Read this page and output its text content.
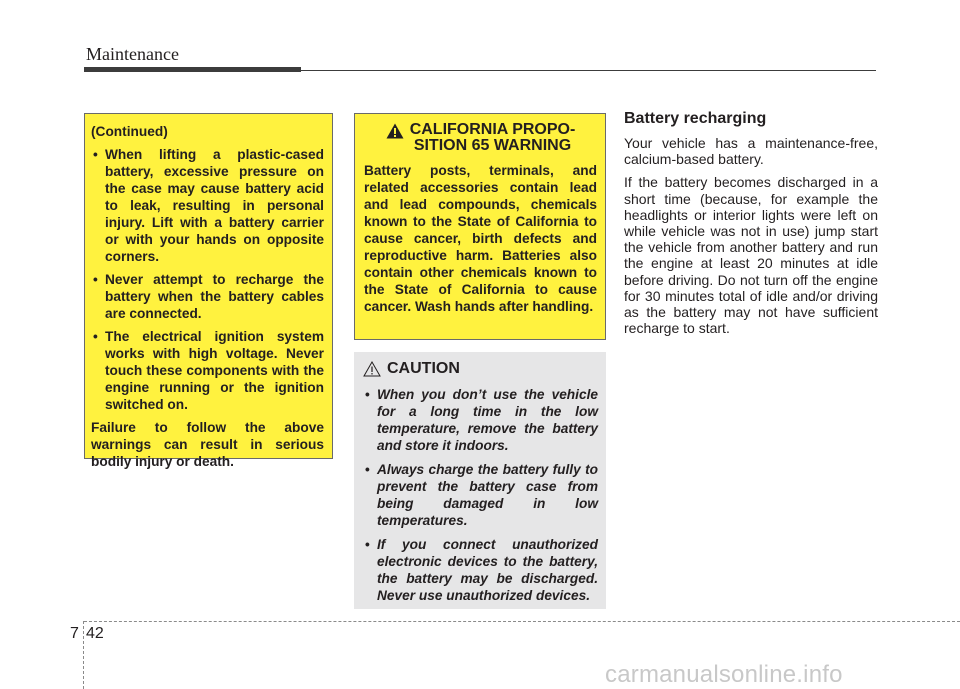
Maintenance

(Continued)

• When lifting a plastic-cased battery, excessive pressure on the case may cause battery acid to leak, resulting in personal injury. Lift with a battery carrier or with your hands on opposite corners.
• Never attempt to recharge the battery when the battery cables are connected.
• The electrical ignition system works with high voltage. Never touch these components with the engine running or the ignition switched on.

Failure to follow the above warnings can result in serious bodily injury or death.

CALIFORNIA PROPO-
SITION 65 WARNING
Battery posts, terminals, and related accessories contain lead and lead compounds, chemicals known to the State of California to cause cancer, birth defects and reproductive harm. Batteries also contain other chemicals known to the State of California to cause cancer. Wash hands after handling.
CAUTION
• When you don’t use the vehicle for a long time in the low temperature, remove the battery and store it indoors.
• Always charge the battery fully to prevent the battery case from being damaged in low temperatures.
• If you connect unauthorized electronic devices to the battery, the battery may be discharged. Never use unauthorized devices.
Battery recharging

Your vehicle has a maintenance-free, calcium-based battery.

If the battery becomes discharged in a short time (because, for example the headlights or interior lights were left on while vehicle was not in use) jump start the vehicle from another battery and run the engine at least 20 minutes at idle before driving. Do not turn off the engine for 30 minutes total of idle and/or driving as the battery may not have sufficient recharge to start.

7 42
carmanualsonline.info
